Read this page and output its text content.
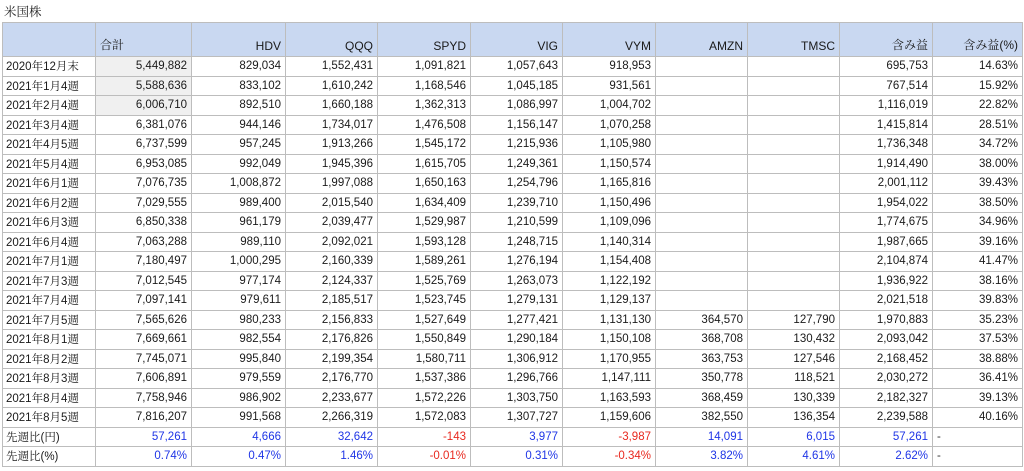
米国株
	合計	HDV	QQQ	SPYD	VIG	VYM	AMZN	TMSC	含み益	含み益(%)
2020年12月末	5,449,882	829,034	1,552,431	1,091,821	1,057,643	918,953			695,753	14.63%
2021年1月4週	5,588,636	833,102	1,610,242	1,168,546	1,045,185	931,561			767,514	15.92%
2021年2月4週	6,006,710	892,510	1,660,188	1,362,313	1,086,997	1,004,702			1,116,019	22.82%
2021年3月4週	6,381,076	944,146	1,734,017	1,476,508	1,156,147	1,070,258			1,415,814	28.51%
2021年4月5週	6,737,599	957,245	1,913,266	1,545,172	1,215,936	1,105,980			1,736,348	34.72%
2021年5月4週	6,953,085	992,049	1,945,396	1,615,705	1,249,361	1,150,574			1,914,490	38.00%
2021年6月1週	7,076,735	1,008,872	1,997,088	1,650,163	1,254,796	1,165,816			2,001,112	39.43%
2021年6月2週	7,029,555	989,400	2,015,540	1,634,409	1,239,710	1,150,496			1,954,022	38.50%
2021年6月3週	6,850,338	961,179	2,039,477	1,529,987	1,210,599	1,109,096			1,774,675	34.96%
2021年6月4週	7,063,288	989,110	2,092,021	1,593,128	1,248,715	1,140,314			1,987,665	39.16%
2021年7月1週	7,180,497	1,000,295	2,160,339	1,589,261	1,276,194	1,154,408			2,104,874	41.47%
2021年7月3週	7,012,545	977,174	2,124,337	1,525,769	1,263,073	1,122,192			1,936,922	38.16%
2021年7月4週	7,097,141	979,611	2,185,517	1,523,745	1,279,131	1,129,137			2,021,518	39.83%
2021年7月5週	7,565,626	980,233	2,156,833	1,527,649	1,277,421	1,131,130	364,570	127,790	1,970,883	35.23%
2021年8月1週	7,669,661	982,554	2,176,826	1,550,849	1,290,184	1,150,108	368,708	130,432	2,093,042	37.53%
2021年8月2週	7,745,071	995,840	2,199,354	1,580,711	1,306,912	1,170,955	363,753	127,546	2,168,452	38.88%
2021年8月3週	7,606,891	979,559	2,176,770	1,537,386	1,296,766	1,147,111	350,778	118,521	2,030,272	36.41%
2021年8月4週	7,758,946	986,902	2,233,677	1,572,226	1,303,750	1,163,593	368,459	130,339	2,182,327	39.13%
2021年8月5週	7,816,207	991,568	2,266,319	1,572,083	1,307,727	1,159,606	382,550	136,354	2,239,588	40.16%
先週比(円)	57,261	4,666	32,642	-143	3,977	-3,987	14,091	6,015	57,261	-
先週比(%)	0.74%	0.47%	1.46%	-0.01%	0.31%	-0.34%	3.82%	4.61%	2.62%	-
